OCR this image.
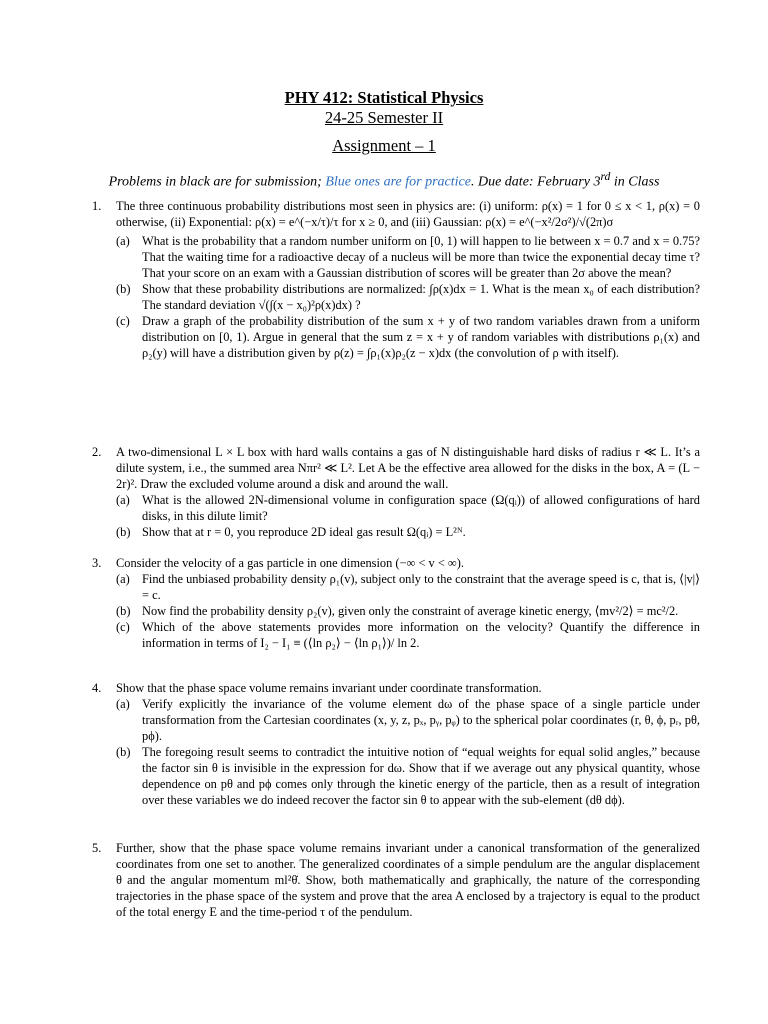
PHY 412: Statistical Physics
24-25 Semester II
Assignment – 1
Problems in black are for submission; Blue ones are for practice. Due date: February 3rd in Class
1. The three continuous probability distributions most seen in physics are: (i) uniform: ρ(x) = 1 for 0 ≤ x < 1, ρ(x) = 0 otherwise, (ii) Exponential: ρ(x) = e^(−x/τ)/τ for x ≥ 0, and (iii) Gaussian: ρ(x) = e^(−x²/2σ²)/√(2π)σ
(a) What is the probability that a random number uniform on [0, 1) will happen to lie between x = 0.7 and x = 0.75? That the waiting time for a radioactive decay of a nucleus will be more than twice the exponential decay time τ? That your score on an exam with a Gaussian distribution of scores will be greater than 2σ above the mean?
(b) Show that these probability distributions are normalized: ∫ρ(x)dx = 1. What is the mean x₀ of each distribution? The standard deviation √(∫(x − x₀)²ρ(x)dx) ?
(c) Draw a graph of the probability distribution of the sum x + y of two random variables drawn from a uniform distribution on [0, 1). Argue in general that the sum z = x + y of random variables with distributions ρ₁(x) and ρ₂(y) will have a distribution given by ρ(z) = ∫ρ₁(x)ρ₂(z − x)dx (the convolution of ρ with itself).
2. A two-dimensional L × L box with hard walls contains a gas of N distinguishable hard disks of radius r ≪ L. It’s a dilute system, i.e., the summed area Nπr² ≪ L². Let A be the effective area allowed for the disks in the box, A = (L − 2r)². Draw the excluded volume around a disk and around the wall.
(a) What is the allowed 2N-dimensional volume in configuration space (Ω(qᵢ)) of allowed configurations of hard disks, in this dilute limit?
(b) Show that at r = 0, you reproduce 2D ideal gas result Ω(qᵢ) = L²ᴺ.
3. Consider the velocity of a gas particle in one dimension (−∞ < v < ∞).
(a) Find the unbiased probability density ρ₁(v), subject only to the constraint that the average speed is c, that is, ⟨|v|⟩ = c.
(b) Now find the probability density ρ₂(v), given only the constraint of average kinetic energy, ⟨mv²/2⟩ = mc²/2.
(c) Which of the above statements provides more information on the velocity? Quantify the difference in information in terms of I₂ − I₁ ≡ (⟨ln ρ₂⟩ − ⟨ln ρ₁⟩)/ ln 2.
4. Show that the phase space volume remains invariant under coordinate transformation.
(a) Verify explicitly the invariance of the volume element dω of the phase space of a single particle under transformation from the Cartesian coordinates (x, y, z, pₓ, pᵧ, pᵩ) to the spherical polar coordinates (r, θ, ϕ, pᵣ, pθ, pϕ).
(b) The foregoing result seems to contradict the intuitive notion of “equal weights for equal solid angles,” because the factor sin θ is invisible in the expression for dω. Show that if we average out any physical quantity, whose dependence on pθ and pϕ comes only through the kinetic energy of the particle, then as a result of integration over these variables we do indeed recover the factor sin θ to appear with the sub-element (dθ dϕ).
5. Further, show that the phase space volume remains invariant under a canonical transformation of the generalized coordinates from one set to another. The generalized coordinates of a simple pendulum are the angular displacement θ and the angular momentum ml²θ̇. Show, both mathematically and graphically, the nature of the corresponding trajectories in the phase space of the system and prove that the area A enclosed by a trajectory is equal to the product of the total energy E and the time-period τ of the pendulum.
